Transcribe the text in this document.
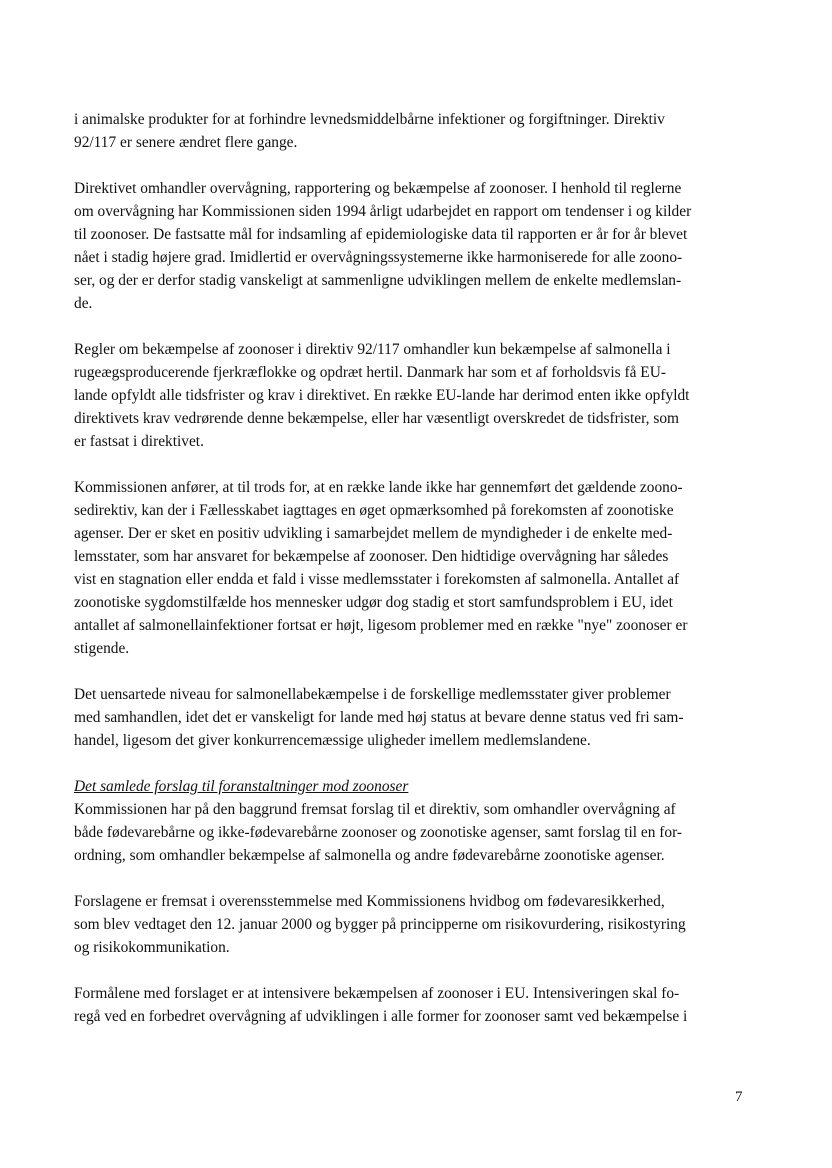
i animalske produkter for at forhindre levnedsmiddelbårne infektioner og forgiftninger. Direktiv
92/117 er senere ændret flere gange.

Direktivet omhandler overvågning, rapportering og bekæmpelse af zoonoser. I henhold til reglerne
om overvågning har Kommissionen siden 1994 årligt udarbejdet en rapport om tendenser i og kilder
til zoonoser. De fastsatte mål for indsamling af epidemiologiske data til rapporten er år for år blevet
nået i stadig højere grad. Imidlertid er overvågningssystemerne ikke harmoniserede for alle zoono-
ser, og der er derfor stadig vanskeligt at sammenligne udviklingen mellem de enkelte medlemslan-
de.

Regler om bekæmpelse af zoonoser i direktiv 92/117 omhandler kun bekæmpelse af salmonella i
rugeægsproducerende fjerkræflokke og opdræt hertil. Danmark har som et af forholdsvis få EU-
lande opfyldt alle tidsfrister og krav i direktivet. En række EU-lande har derimod enten ikke opfyldt
direktivets krav vedrørende denne bekæmpelse, eller har væsentligt overskredet de tidsfrister, som
er fastsat i direktivet.

Kommissionen anfører, at til trods for, at en række lande ikke har gennemført det gældende zoono-
sedirektiv, kan der i Fællesskabet iagttages en øget opmærksomhed på forekomsten af zoonotiske
agenser. Der er sket en positiv udvikling i samarbejdet mellem de myndigheder i de enkelte med-
lemsstater, som har ansvaret for bekæmpelse af zoonoser. Den hidtidige overvågning har således
vist en stagnation eller endda et fald i visse medlemsstater i forekomsten af salmonella. Antallet af
zoonotiske sygdomstilfælde hos mennesker udgør dog stadig et stort samfundsproblem i EU, idet
antallet af salmonellainfektioner fortsat er højt, ligesom problemer med en række "nye" zoonoser er
stigende.

Det uensartede niveau for salmonellabekæmpelse i de forskellige medlemsstater giver problemer
med samhandlen, idet det er vanskeligt for lande med høj status at bevare denne status ved fri sam-
handel, ligesom det giver konkurrencemæssige uligheder imellem medlemslandene.

Det samlede forslag til foranstaltninger mod zoonoser

Kommissionen har på den baggrund fremsat forslag til et direktiv, som omhandler overvågning af
både fødevarebårne og ikke-fødevarebårne zoonoser og zoonotiske agenser, samt forslag til en for-
ordning, som omhandler bekæmpelse af salmonella og andre fødevarebårne zoonotiske agenser.

Forslagene er fremsat i overensstemmelse med Kommissionens hvidbog om fødevaresikkerhed,
som blev vedtaget den 12. januar 2000 og bygger på principperne om risikovurdering, risikostyring
og risikokommunikation.

Formålene med forslaget er at intensivere bekæmpelsen af zoonoser i EU. Intensiveringen skal fo-
regå ved en forbedret overvågning af udviklingen i alle former for zoonoser samt ved bekæmpelse i

7
